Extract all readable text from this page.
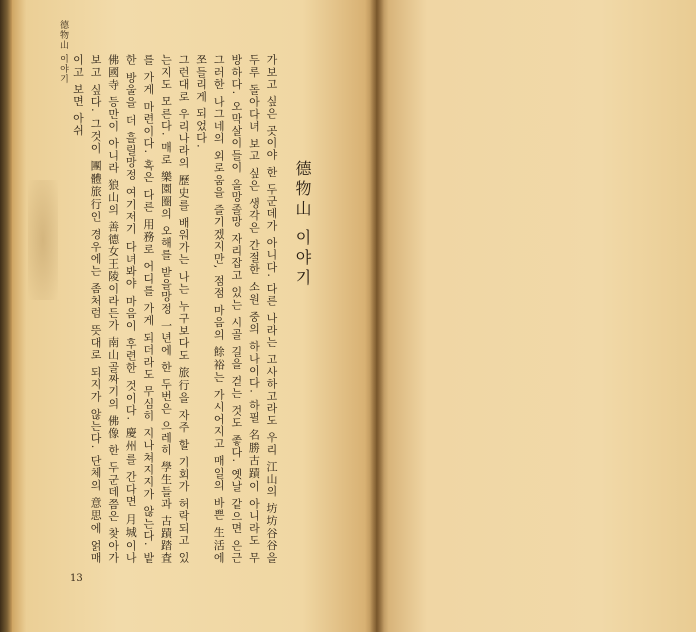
德物山 이야기

가보고 싶은 곳이야 한 두군데가 아니다. 다른 나라는 고사하고라도 우리 江山의 坊坊谷谷을 두루 돌아다녀 보고 싶은 생각은 간절한 소원 중의 하나이다. 하필 名勝古蹟이 아니라도 무방하다. 오막살이들이 올망졸망 자리잡고 있는 시골 길을 걷는 것도 좋다. 옛날 같으면 은근 그러한 나그네의 외로움을 즐기겠지만, 점점 마음의 餘裕는 가시어지고 매일의 바쁜 生活에 쪼들리게 되었다.

그런대로 우리나라의 歷史를 배워가는 나는 누구보다도 旅行을 자주 할 기회가 허락되고 있는지도 모른다. 매로 樂園圈의 오해를 받을망정 一년에 한 두번은 으레히 學生들과 古蹟踏査를 가게 마련이다. 혹은 다른 用務로 어디를 가게 되더라도 무심히 지나쳐지지가 않는다. 밭 한 방울을 더 흘릴망정 여기저기 다녀봐야 마음이 후련한 것이다. 慶州를 간다면 月城이나 佛國寺 등만이 아니라 狼山의 善德女王陵이라든가 南山골짜기의 佛像 한 두군데쯤은 찾아가 보고 싶다. 그것이 團體旅行인 경우에는 좀처럼 뜻대로 되지가 않는다. 단체의 意思에 얽매이고 보면 아쉬

德物山 이야기
13
